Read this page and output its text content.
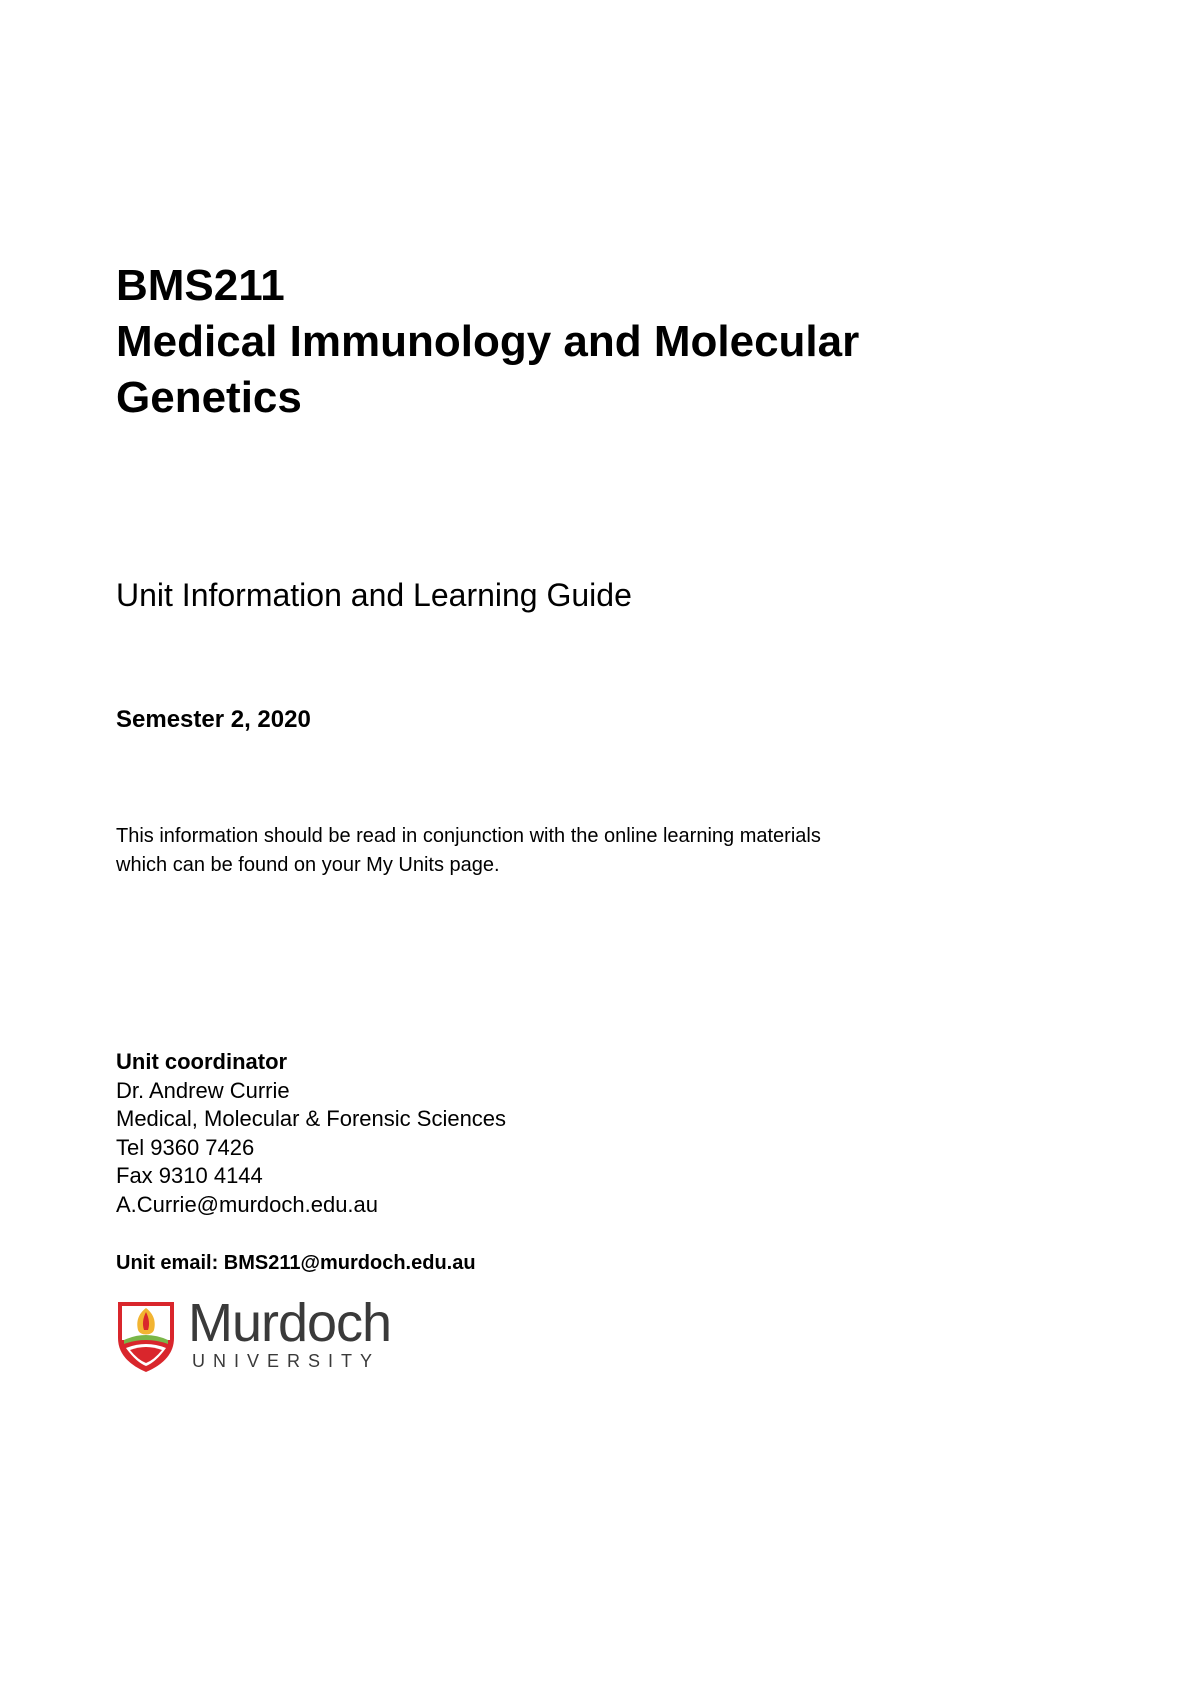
BMS211
Medical Immunology and Molecular
Genetics
Unit Information and Learning Guide
Semester 2, 2020
This information should be read in conjunction with the online learning materials
which can be found on your My Units page.
Unit coordinator
Dr. Andrew Currie
Medical, Molecular & Forensic Sciences
Tel 9360 7426
Fax 9310 4144
A.Currie@murdoch.edu.au
Unit email: BMS211@murdoch.edu.au
Murdoch
UNIVERSITY
